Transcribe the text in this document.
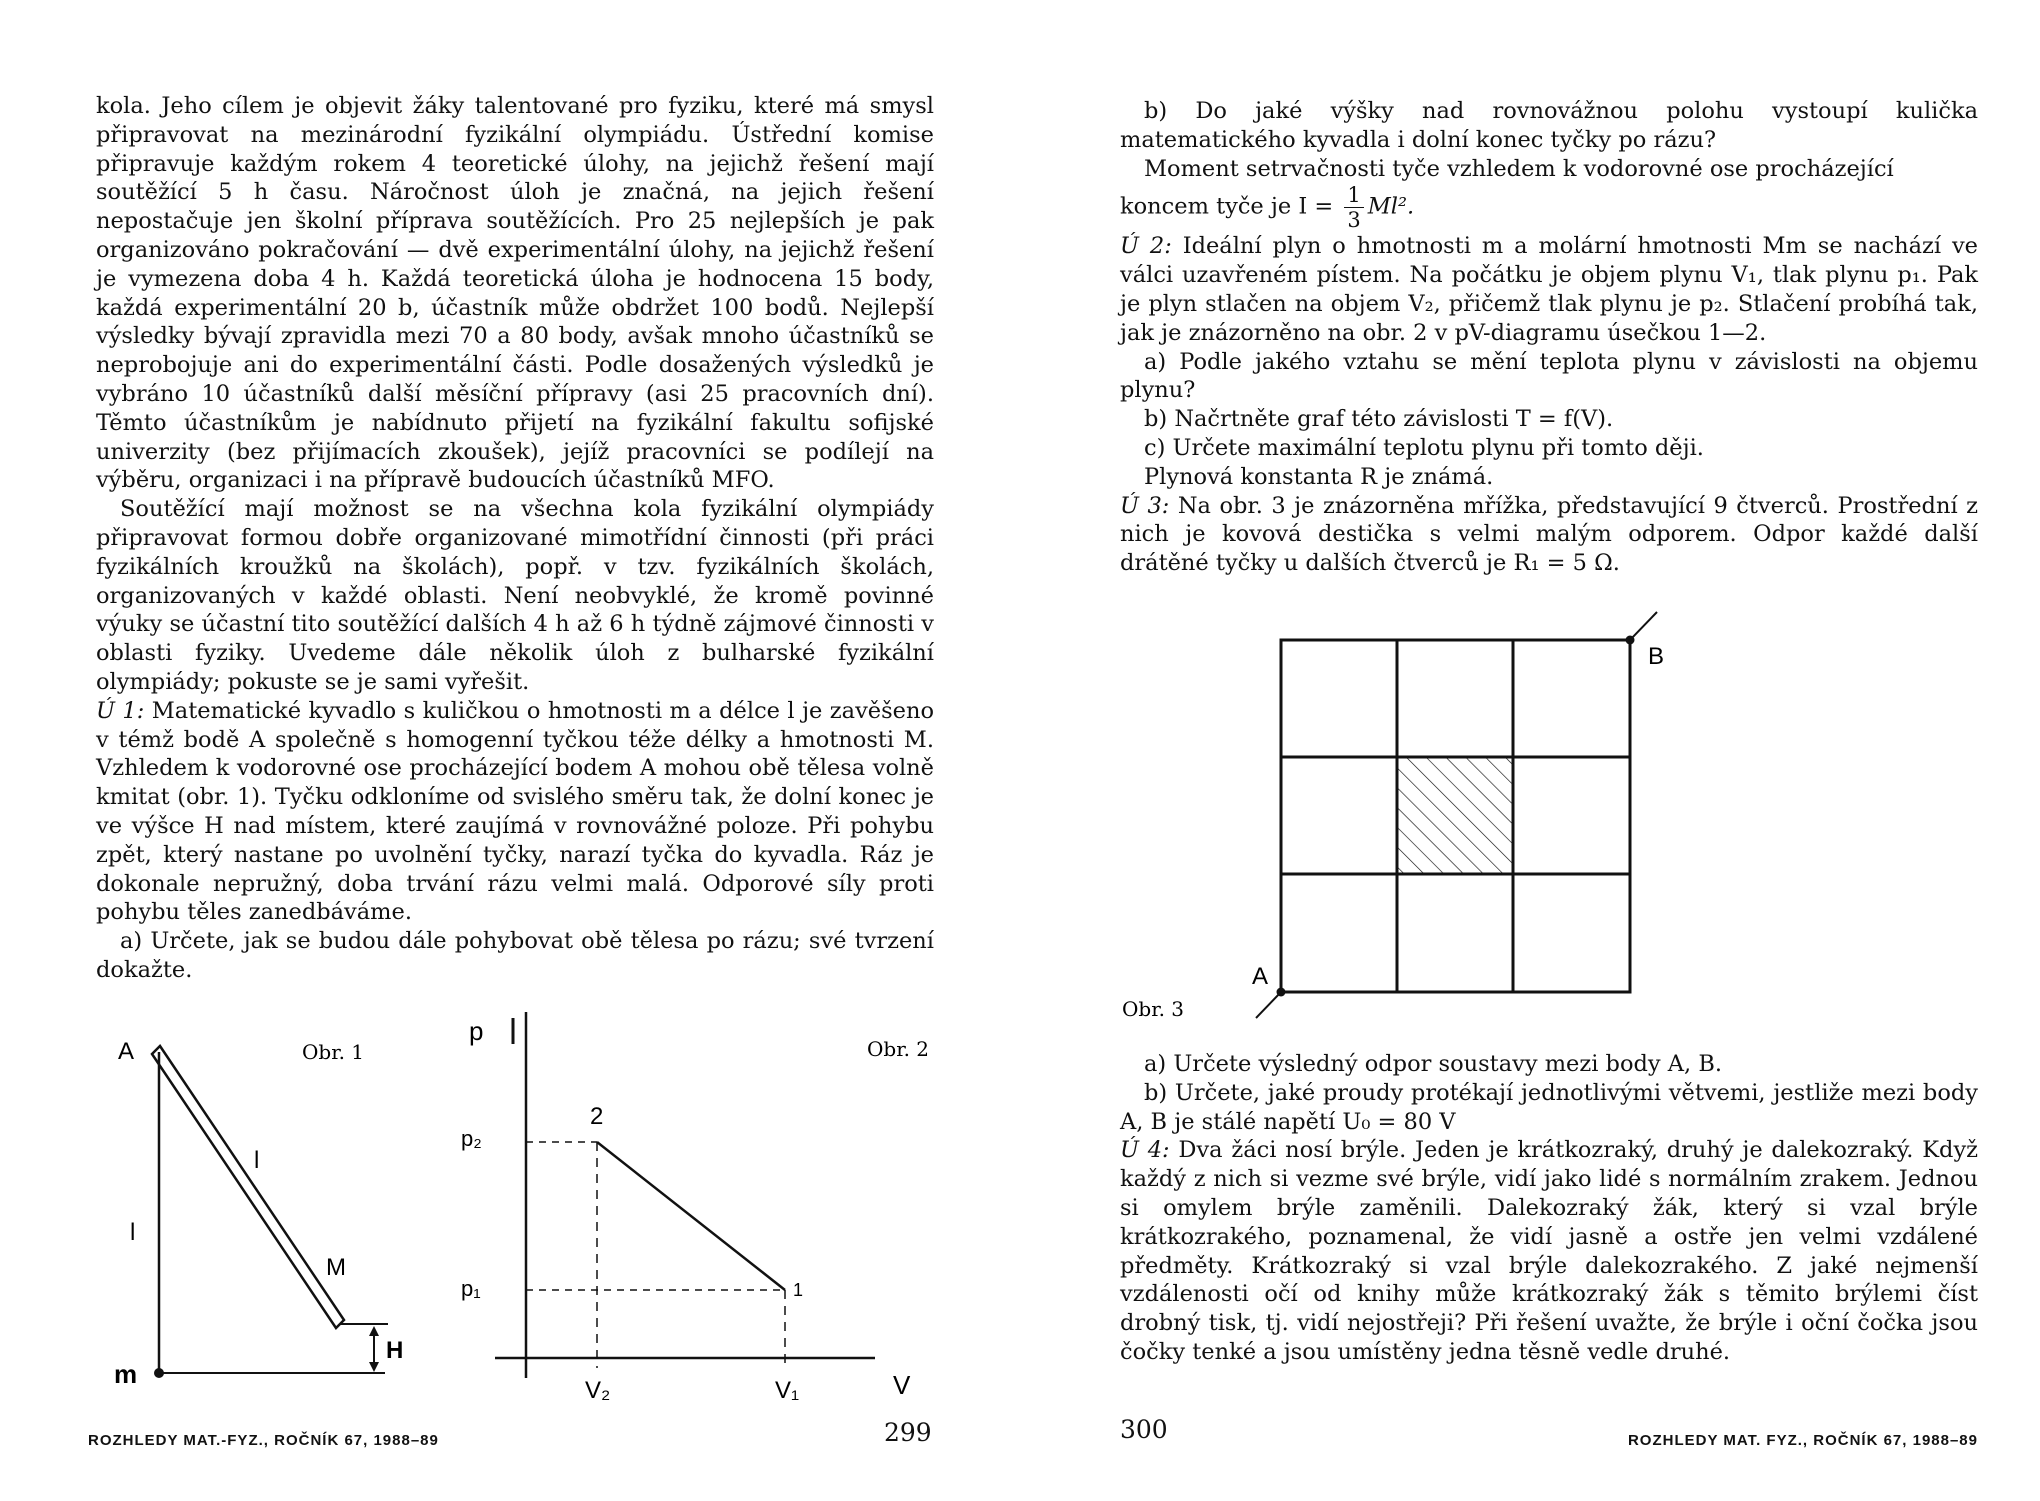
kola. Jeho cílem je objevit žáky talentované pro fyziku, které má smysl připravovat na mezinárodní fyzikální olympiádu. Ústřední komise připravuje každým rokem 4 teoretické úlohy, na jejichž řešení mají soutěžící 5 h času. Náročnost úloh je značná, na jejich řešení nepostačuje jen školní příprava soutěžících. Pro 25 nejlepších je pak organizováno pokračování — dvě experimentální úlohy, na jejichž řešení je vymezena doba 4 h. Každá teoretická úloha je hodnocena 15 body, každá experimentální 20 b, účastník může obdržet 100 bodů. Nejlepší výsledky bývají zpravidla mezi 70 a 80 body, avšak mnoho účastníků se neprobojuje ani do experimentální části. Podle dosažených výsledků je vybráno 10 účastníků další měsíční přípravy (asi 25 pracovních dní). Těmto účastníkům je nabídnuto přijetí na fyzikální fakultu sofijské univerzity (bez přijímacích zkoušek), jejíž pracovníci se podílejí na výběru, organizaci i na přípravě budoucích účastníků MFO.

Soutěžící mají možnost se na všechna kola fyzikální olympiády připravovat formou dobře organizované mimotřídní činnosti (při práci fyzikálních kroužků na školách), popř. v tzv. fyzikálních školách, organizovaných v každé oblasti. Není neobvyklé, že kromě povinné výuky se účastní tito soutěžící dalších 4 h až 6 h týdně zájmové činnosti v oblasti fyziky. Uvedeme dále několik úloh z bulharské fyzikální olympiády; pokuste se je sami vyřešit.

Ú 1: Matematické kyvadlo s kuličkou o hmotnosti m a délce l je zavěšeno v témž bodě A společně s homogenní tyčkou téže délky a hmotnosti M. Vzhledem k vodorovné ose procházející bodem A mohou obě tělesa volně kmitat (obr. 1). Tyčku odkloníme od svislého směru tak, že dolní konec je ve výšce H nad místem, které zaujímá v rovnovážné poloze. Při pohybu zpět, který nastane po uvolnění tyčky, narazí tyčka do kyvadla. Ráz je dokonale nepružný, doba trvání rázu velmi malá. Odporové síly proti pohybu těles zanedbáváme.

a) Určete, jak se budou dále pohybovat obě tělesa po rázu; své tvrzení dokažte.

A
H
l
l
M
m
Obr. 1
p
2
1
p₂
p₁
V₂	V₁	V
Obr. 2
ROZHLEDY MAT.-FYZ., ROČNÍK 67, 1988–89	299

b) Do jaké výšky nad rovnovážnou polohu vystoupí kulička matematického kyvadla i dolní konec tyčky po rázu?

Moment setrvačnosti tyče vzhledem k vodorovné ose procházející

koncem tyče je $I = \frac{1}{3} Ml^2$.

Ú 2: Ideální plyn o hmotnosti m a molární hmotnosti Mm se nachází ve válci uzavřeném pístem. Na počátku je objem plynu V₁, tlak plynu p₁. Pak je plyn stlačen na objem V₂, přičemž tlak plynu je p₂. Stlačení probíhá tak, jak je znázorněno na obr. 2 v pV-diagramu úsečkou 1—2.

a) Podle jakého vztahu se mění teplota plynu v závislosti na objemu plynu?

b) Načrtněte graf této závislosti T = f(V).

c) Určete maximální teplotu plynu při tomto ději.

Plynová konstanta R je známá.

Ú 3: Na obr. 3 je znázorněna mřížka, představující 9 čtverců. Prostřední z nich je kovová destička s velmi malým odporem. Odpor každé další drátěné tyčky u dalších čtverců je R₁ = 5 Ω.

B
A
Obr. 3

a) Určete výsledný odpor soustavy mezi body A, B.

b) Určete, jaké proudy protékají jednotlivými větvemi, jestliže mezi body A, B je stálé napětí U₀ = 80 V

Ú 4: Dva žáci nosí brýle. Jeden je krátkozraký, druhý je dalekozraký. Když každý z nich si vezme své brýle, vidí jako lidé s normálním zrakem. Jednou si omylem brýle zaměnili. Dalekozraký žák, který si vzal brýle krátkozrakého, poznamenal, že vidí jasně a ostře jen velmi vzdálené předměty. Krátkozraký si vzal brýle dalekozrakého. Z jaké nejmenší vzdálenosti očí od knihy může krátkozraký žák s těmito brýlemi číst drobný tisk, tj. vidí nejostřeji? Při řešení uvažte, že brýle i oční čočka jsou čočky tenké a jsou umístěny jedna těsně vedle druhé.

300	ROZHLEDY MAT. FYZ., ROČNÍK 67, 1988–89
